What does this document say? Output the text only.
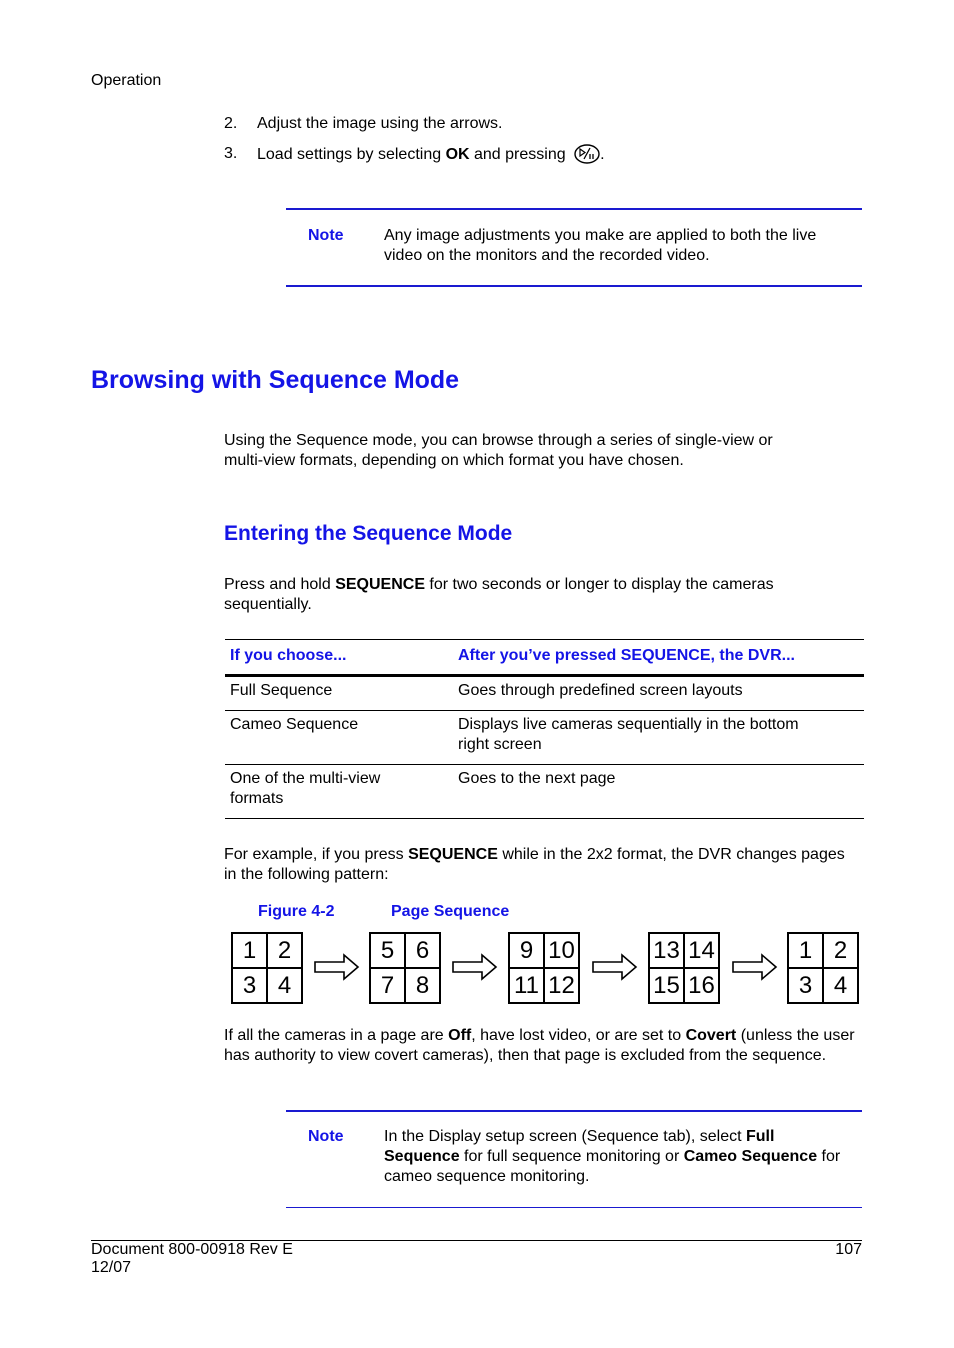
Operation
2. Adjust the image using the arrows.
3. Load settings by selecting OK and pressing .
Note	Any image adjustments you make are applied to both the live
video on the monitors and the recorded video.
Browsing with Sequence Mode
Using the Sequence mode, you can browse through a series of single-view or
multi-view formats, depending on which format you have chosen.
Entering the Sequence Mode
Press and hold SEQUENCE for two seconds or longer to display the cameras
sequentially.
If you choose...	After you’ve pressed SEQUENCE, the DVR...

Full Sequence	Goes through predefined screen layouts

Cameo Sequence	Displays live cameras sequentially in the bottom
right screen

One of the multi-view
formats	Goes to the next page
For example, if you press SEQUENCE while in the 2x2 format, the DVR changes pages
in the following pattern:
Figure 4-2	Page Sequence
1 2
3 4
5 6
7 8
9 10
11 12
13 14
15 16
1 2
3 4
If all the cameras in a page are Off, have lost video, or are set to Covert (unless the user
has authority to view covert cameras), then that page is excluded from the sequence.
Note	In the Display setup screen (Sequence tab), select Full
Sequence for full sequence monitoring or Cameo Sequence for
cameo sequence monitoring.
Document 800-00918 Rev E
12/07
107
